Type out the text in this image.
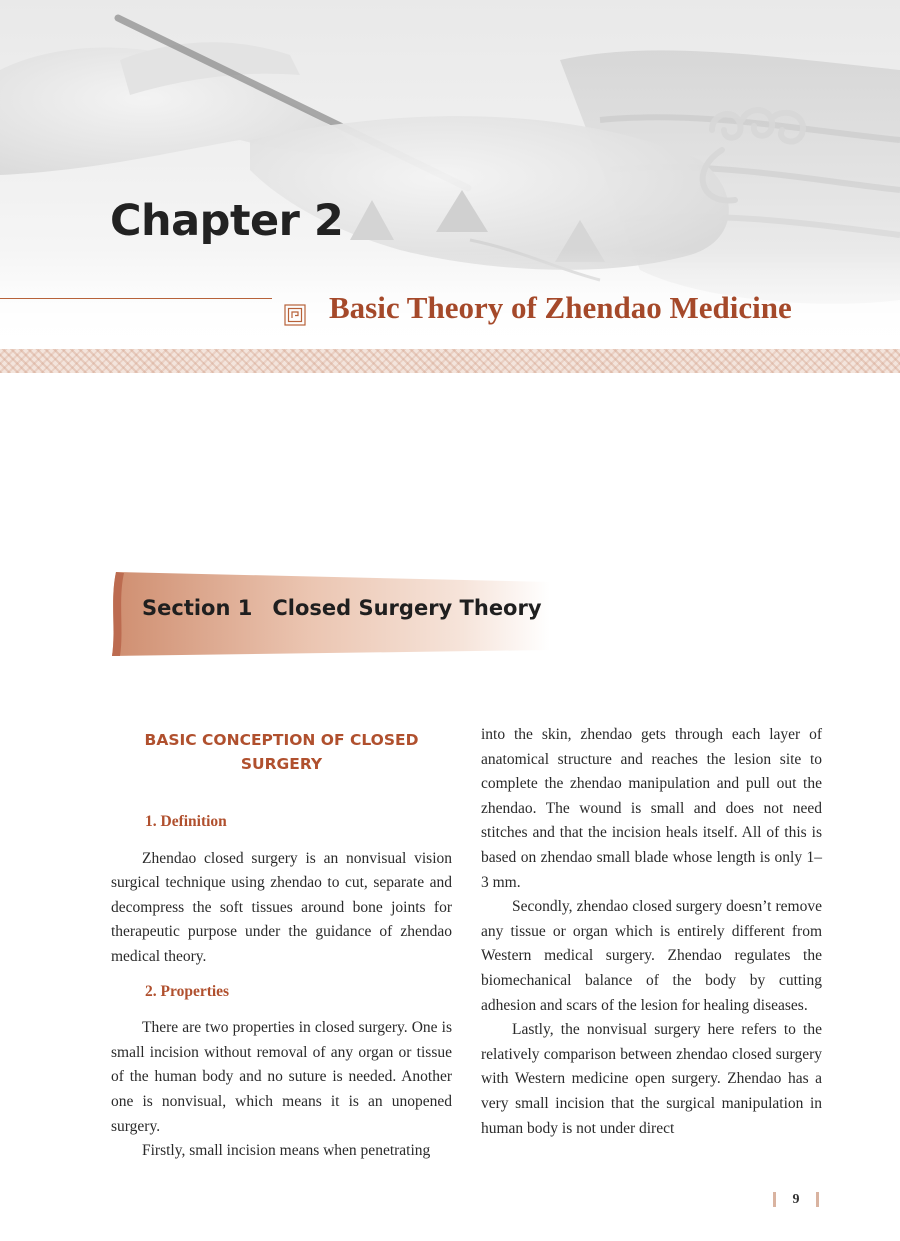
Chapter 2
Basic Theory of Zhendao Medicine
Section 1 Closed Surgery Theory
BASIC CONCEPTION OF CLOSED
SURGERY
1. Definition

Zhendao closed surgery is an nonvisual vision surgical technique using zhendao to cut, separate and decompress the soft tissues around bone joints for therapeutic purpose under the guidance of zhendao medical theory.

2. Properties

There are two properties in closed surgery. One is small incision without removal of any organ or tissue of the human body and no suture is needed. Another one is nonvisual, which means it is an unopened surgery.

Firstly, small incision means when penetrating

into the skin, zhendao gets through each layer of anatomical structure and reaches the lesion site to complete the zhendao manipulation and pull out the zhendao. The wound is small and does not need stitches and that the incision heals itself. All of this is based on zhendao small blade whose length is only 1–3 mm.

Secondly, zhendao closed surgery doesn’t remove any tissue or organ which is entirely different from Western medical surgery. Zhendao regulates the biomechanical balance of the body by cutting adhesion and scars of the lesion for healing diseases.

Lastly, the nonvisual surgery here refers to the relatively comparison between zhendao closed surgery with Western medicine open surgery. Zhendao has a very small incision that the surgical manipulation in human body is not under direct

9
